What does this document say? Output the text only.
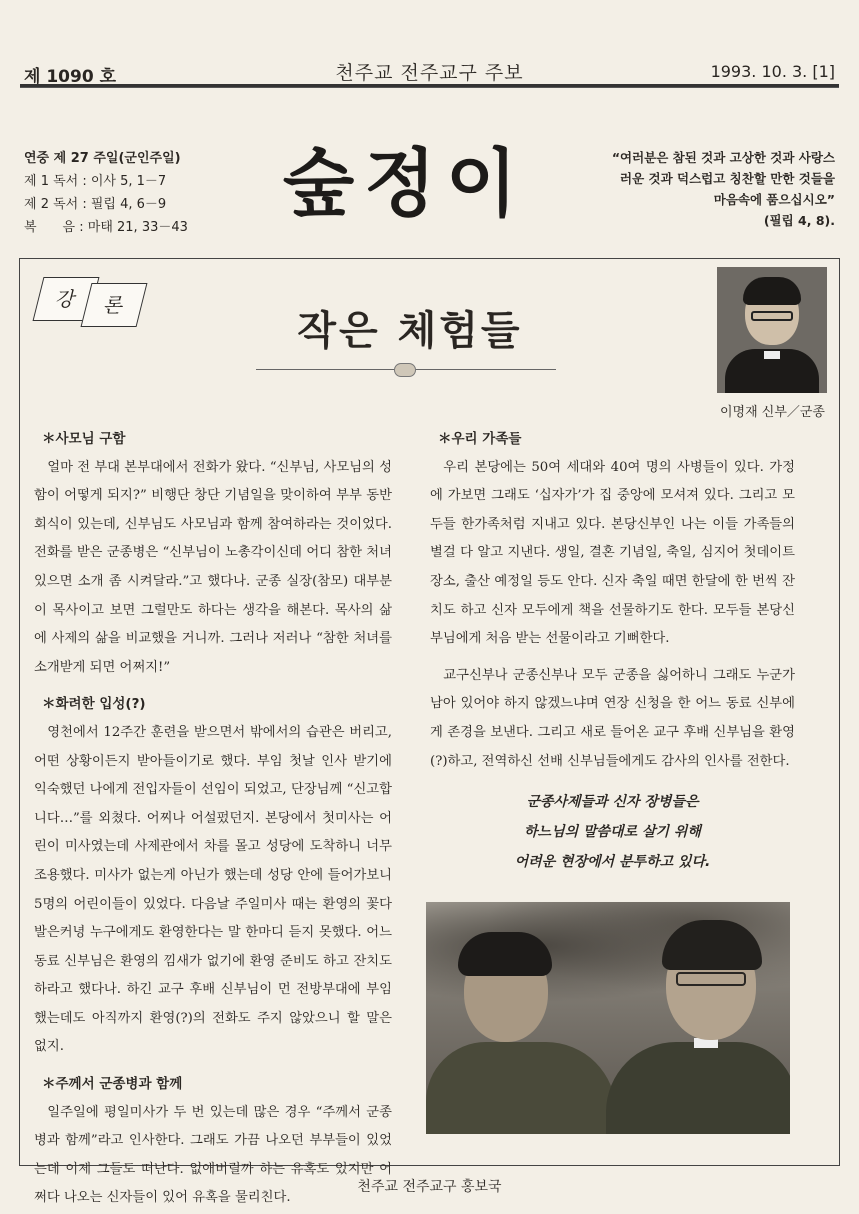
제 1090 호	천주교 전주교구 주보	1993. 10. 3. [1]
연중 제 27 주일(군인주일)
제 1 독서 : 이사 5, 1－7
제 2 독서 : 필립 4, 6－9
복　　음 : 마태 21, 33－43
숲정이	“여러분은 참된 것과 고상한 것과 사랑스러운 것과 덕스럽고 칭찬할 만한 것들을 마음속에 품으십시오”
(필립 4, 8).
강	론
작은 체험들
이명재 신부／군종
＊사모님 구함
얼마 전 부대 본부대에서 전화가 왔다. “신부님, 사모님의 성함이 어떻게 되지?” 비행단 창단 기념일을 맞이하여 부부 동반 회식이 있는데, 신부님도 사모님과 함께 참여하라는 것이었다. 전화를 받은 군종병은 “신부님이 노총각이신데 어디 참한 처녀 있으면 소개 좀 시켜달라.”고 했다나. 군종 실장(참모) 대부분이 목사이고 보면 그럴만도 하다는 생각을 해본다. 목사의 삶에 사제의 삶을 비교했을 거니까. 그러나 저러나 “참한 처녀를 소개받게 되면 어쩌지!”
＊화려한 입성(?)
영천에서 12주간 훈련을 받으면서 밖에서의 습관은 버리고, 어떤 상황이든지 받아들이기로 했다. 부임 첫날 인사 받기에 익숙했던 나에게 전입자들이 선임이 되었고, 단장님께 “신고합니다…”를 외쳤다. 어찌나 어설펐던지. 본당에서 첫미사는 어린이 미사였는데 사제관에서 차를 몰고 성당에 도착하니 너무 조용했다. 미사가 없는게 아닌가 했는데 성당 안에 들어가보니 5명의 어린이들이 있었다. 다음날 주일미사 때는 환영의 꽃다발은커녕 누구에게도 환영한다는 말 한마디 듣지 못했다. 어느 동료 신부님은 환영의 낌새가 없기에 환영 준비도 하고 잔치도 하라고 했다나. 하긴 교구 후배 신부님이 먼 전방부대에 부임했는데도 아직까지 환영(?)의 전화도 주지 않았으니 할 말은 없지.
＊주께서 군종병과 함께
일주일에 평일미사가 두 번 있는데 많은 경우 “주께서 군종병과 함께”라고 인사한다. 그래도 가끔 나오던 부부들이 있었는데 이제 그들도 떠난다. 없애버릴까 하는 유혹도 있지만 어쩌다 나오는 신자들이 있어 유혹을 물리친다.
＊우리 가족들
우리 본당에는 50여 세대와 40여 명의 사병들이 있다. 가정에 가보면 그래도 ‘십자가’가 집 중앙에 모셔져 있다. 그리고 모두들 한가족처럼 지내고 있다. 본당신부인 나는 이들 가족들의 별걸 다 알고 지낸다. 생일, 결혼 기념일, 축일, 심지어 첫데이트 장소, 출산 예정일 등도 안다. 신자 축일 때면 한달에 한 번씩 잔치도 하고 신자 모두에게 책을 선물하기도 한다. 모두들 본당신부님에게 처음 받는 선물이라고 기뻐한다.
교구신부나 군종신부나 모두 군종을 싫어하니 그래도 누군가 남아 있어야 하지 않겠느냐며 연장 신청을 한 어느 동료 신부에게 존경을 보낸다. 그리고 새로 들어온 교구 후배 신부님을 환영(?)하고, 전역하신 선배 신부님들에게도 감사의 인사를 전한다.
군종사제들과 신자 장병들은
하느님의 말씀대로 살기 위해
어려운 현장에서 분투하고 있다.
천주교 전주교구 홍보국
